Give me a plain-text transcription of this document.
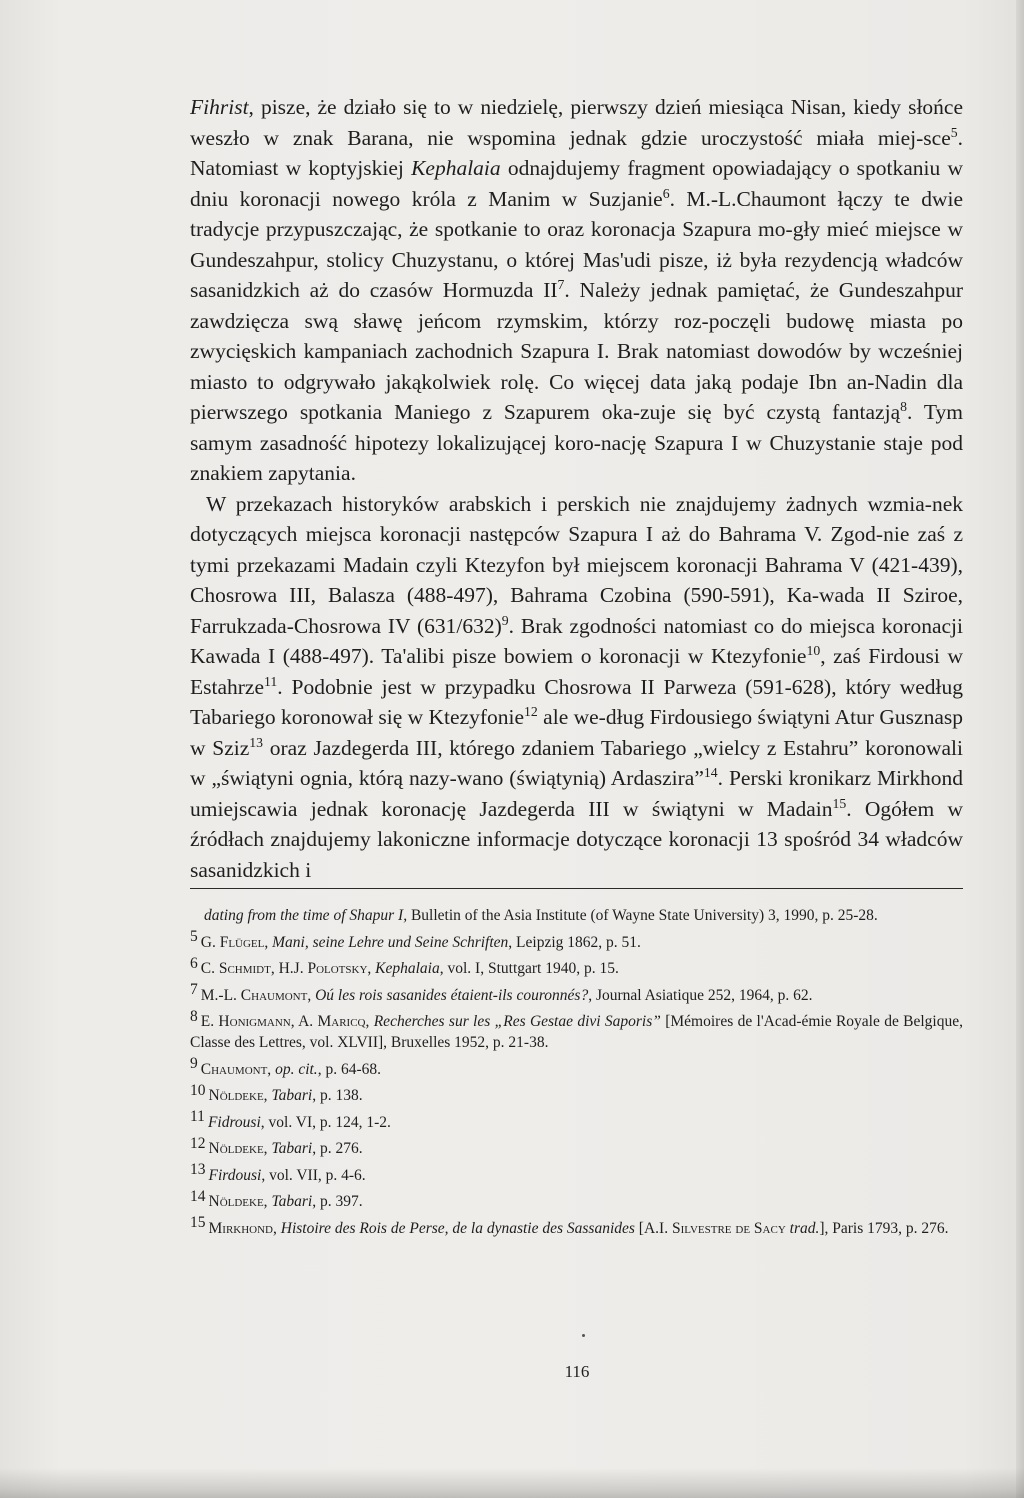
Fihrist, pisze, że działo się to w niedzielę, pierwszy dzień miesiąca Nisan, kiedy słońce weszło w znak Barana, nie wspomina jednak gdzie uroczystość miała miej-sce$^5$. Natomiast w koptyjskiej Kephalaia odnajdujemy fragment opowiadający o spotkaniu w dniu koronacji nowego króla z Manim w Suzjanie$^6$. M.-L.Chaumont łączy te dwie tradycje przypuszczając, że spotkanie to oraz koronacja Szapura mo-gły mieć miejsce w Gundeszahpur, stolicy Chuzystanu, o której Mas'udi pisze, iż była rezydencją władców sasanidzkich aż do czasów Hormuzda $II^7$. Należy jednak pamiętać, że Gundeszahpur zawdzięcza swą sławę jeńcom rzymskim, którzy roz-poczęli budowę miasta po zwycięskich kampaniach zachodnich Szapura I. Brak natomiast dowodów by wcześniej miasto to odgrywało jakąkolwiek rolę. Co więcej data jaką podaje Ibn an-Nadin dla pierwszego spotkania Maniego z Szapurem oka-zuje się być czystą fantazją$^8$. Tym samym zasadność hipotezy lokalizującej koro-nację Szapura I w Chuzystanie staje pod znakiem zapytania.

W przekazach historyków arabskich i perskich nie znajdujemy żadnych wzmia-nek dotyczących miejsca koronacji następców Szapura I aż do Bahrama V. Zgod-nie zaś z tymi przekazami Madain czyli Ktezyfon był miejscem koronacji Bahrama V (421-439), Chosrowa III, Balasza (488-497), Bahrama Czobina (590-591), Ka-wada II Sziroe, Farrukzada-Chosrowa IV $(631/632)^9$. Brak zgodności natomiast co do miejsca koronacji Kawada I (488-497). Ta'alibi pisze bowiem o koronacji w Ktezyfonie$^{10}$, zaś Firdousi w Estahrze$^{11}$. Podobnie jest w przypadku Chosrowa II Parweza (591-628), który według Tabariego koronował się w Ktezyfonie$^{12}$ ale we-dług Firdousiego świątyni Atur Gusznasp w Sziz$^{13}$ oraz Jazdegerda III, którego zdaniem Tabariego „wielcy z Estahru” koronowali w „świątyni ognia, którą nazy-wano (świątynią) Ardaszira”$^{14}$. Perski kronikarz Mirkhond umiejscawia jednak koronację Jazdegerda III w świątyni w Madain$^{15}$. Ogółem w źródłach znajdujemy lakoniczne informacje dotyczące koronacji 13 spośród 34 władców sasanidzkich i

dating from the time of Shapur I, Bulletin of the Asia Institute (of Wayne State University) 3, 1990, p. 25-28.
5 G. Flügel, Mani, seine Lehre und Seine Schriften, Leipzig 1862, p. 51.
6 C. Schmidt, H.J. Polotsky, Kephalaia, vol. I, Stuttgart 1940, p. 15.
7 M.-L. Chaumont, Oú les rois sasanides étaient-ils couronnés?, Journal Asiatique 252, 1964, p. 62.
8 E. Honigmann, A. Maricq, Recherches sur les „Res Gestae divi Saporis” [Mémoires de l'Acad-émie Royale de Belgique, Classe des Lettres, vol. XLVII], Bruxelles 1952, p. 21-38.
9 Chaumont, op. cit., p. 64-68.
10 Nöldeke, Tabari, p. 138.
11 Fidrousi, vol. VI, p. 124, 1-2.
12 Nöldeke, Tabari, p. 276.
13 Firdousi, vol. VII, p. 4-6.
14 Nöldeke, Tabari, p. 397.
15 Mirkhond, Histoire des Rois de Perse, de la dynastie des Sassanides [A.I. Silvestre de Sacy trad.], Paris 1793, p. 276.
116
